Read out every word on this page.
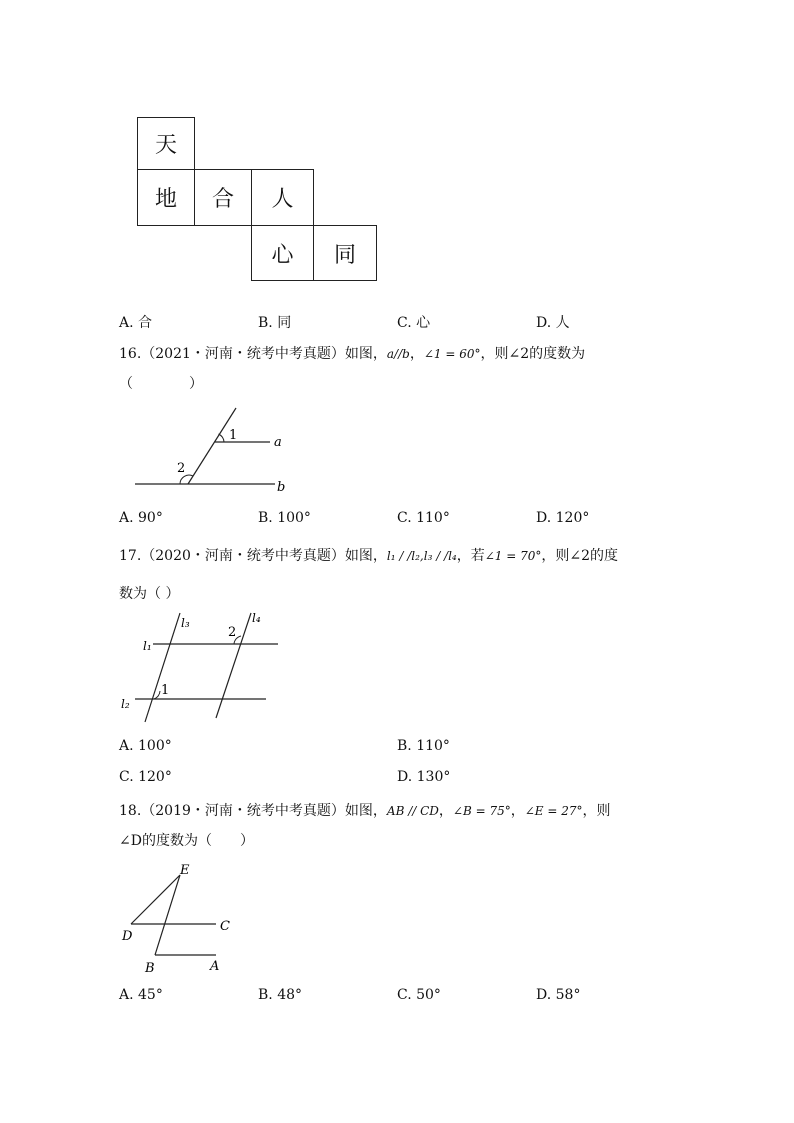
天
地 合 人
心 同
A. 合	B. 同	C. 心	D. 人
16.（2021・河南・统考中考真题）如图，a//b，∠1 = 60°，则∠2的度数为
（　　　　）
1	a
2
b
A. 90°	B. 100°	C. 110°	D. 120°
17.（2020・河南・统考中考真题）如图，l₁ / /l₂,l₃ / /l₄，若∠1 = 70°，则∠2的度
数为（ ）
l₃	l₄
2
l₁
1
l₂
A. 100°	B. 110°
C. 120°	D. 130°
18.（2019・河南・统考中考真题）如图，AB // CD，∠B = 75°，∠E = 27°，则
∠D的度数为（　　）
E
D
C
B	A
A. 45°	B. 48°	C. 50°	D. 58°
